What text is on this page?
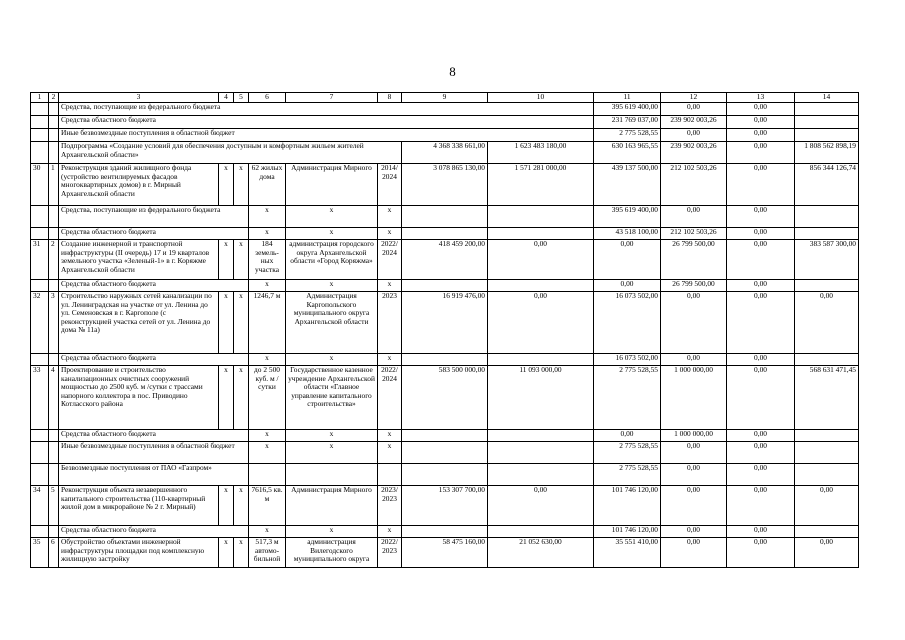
8
1	2	3	4	5	6	7	8	9	10	11	12	13	14
		Средства, поступающие из федерального бюджета								395 619 400,00	0,00	0,00	
		Средства областного бюджета								231 769 037,00	239 902 003,26	0,00	
		Иные безвозмездные поступления в областной бюджет								2 775 528,55	0,00	0,00	
		Подпрограмма «Создание условий для обеспечения доступным и комфортным жильем жителей Архангельской области»						4 368 338 661,00	1 623 483 180,00	630 163 965,55	239 902 003,26	0,00	1 808 562 898,19
30	1	Реконструкция зданий жилищного фонда (устройство вентилируемых фасадов многоквартирных домов) в г. Мирный Архангельской области	х	х	62 жилых дома	Администрация Мирного	2014/ 2024	3 078 865 130,00	1 571 281 000,00	439 137 500,00	212 102 503,26	0,00	856 344 126,74
		Средства, поступающие из федерального бюджета			х	х	х			395 619 400,00	0,00	0,00	
		Средства областного бюджета			х	х	х			43 518 100,00	212 102 503,26	0,00	
31	2	Создание инженерной и транспортной инфраструктуры (II очередь) 17 и 19 кварталов земельного участка «Зеленый-1» в г. Коряжме Архангельской области	х	х	184 земель- ных участка	администрация городского округа Архангельской области «Город Коряжма»	2022/ 2024	418 459 200,00	0,00	0,00	26 799 500,00	0,00	383 587 300,00
		Средства областного бюджета			х	х	х			0,00	26 799 500,00	0,00	
32	3	Строительство наружных сетей канализации по ул. Ленинградская на участке от ул. Ленина до ул. Семеновская в г. Каргополе (с реконструкцией участка сетей от ул. Ленина до дома № 11а)	х	х	1246,7 м	Администрация Каргопольского муниципального округа Архангельской области	2023	16 919 476,00	0,00	16 073 502,00	0,00	0,00	0,00
		Средства областного бюджета			х	х	х			16 073 502,00	0,00	0,00	
33	4	Проектирование и строительство канализационных очистных сооружений мощностью до 2500 куб. м /сутки с трассами напорного коллектора в пос. Приводино Котласского района	х	х	до 2 500 куб. м / сутки	Государственное казенное учреждение Архангельской области «Главное управление капитального строительства»	2022/ 2024	583 500 000,00	11 093 000,00	2 775 528,55	1 000 000,00	0,00	568 631 471,45
		Средства областного бюджета			х	х	х			0,00	1 000 000,00	0,00	
		Иные безвозмездные поступления в областной бюджет			х	х	х			2 775 528,55	0,00	0,00	
		Безвозмездные поступления от ПАО «Газпром»								2 775 528,55	0,00	0,00	
34	5	Реконструкция объекта незавершенного капитального строительства (110-квартирный жилой дом в микрорайоне № 2 г. Мирный)	х	х	7616,5 кв. м	Администрация Мирного	2023/ 2023	153 307 700,00	0,00	101 746 120,00	0,00	0,00	0,00
		Средства областного бюджета			х	х	х			101 746 120,00	0,00	0,00	
35	6	Обустройство объектами инженерной инфраструктуры площадки под комплексную жилищную застройку	х	х	517,3 м автомо- бильной	администрация Вилегодского муниципального округа	2022/ 2023	58 475 160,00	21 052 630,00	35 551 410,00	0,00	0,00	0,00
